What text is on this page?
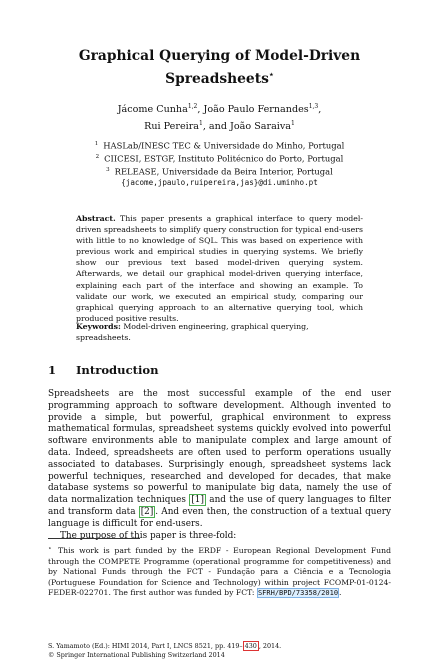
Graphical Querying of Model-Driven
Spreadsheets⋆
Jácome Cunha$^{1,2}$, João Paulo Fernandes$^{1,3}$,
Rui Pereira$^1$, and João Saraiva$^1$
$^1$ HASLab/INESC TEC & Universidade do Minho, Portugal
$^2$ CIICESI, ESTGF, Instituto Politécnico do Porto, Portugal
$^3$ RELEASE, Universidade da Beira Interior, Portugal
{jacome,jpaulo,ruipereira,jas}@di.uminho.pt
Abstract. This paper presents a graphical interface to query model-driven spreadsheets to simplify query construction for typical end-users with little to no knowledge of SQL. This was based on experience with previous work and empirical studies in querying systems. We briefly show our previous text based model-driven querying system. Afterwards, we detail our graphical model-driven querying interface, explaining each part of the interface and showing an example. To validate our work, we executed an empirical study, comparing our graphical querying approach to an alternative querying tool, which produced positive results.
Keywords: Model-driven engineering, graphical querying, spreadsheets.
1 Introduction

Spreadsheets are the most successful example of the end user programming approach to software development. Although invented to provide a simple, but powerful, graphical environment to express mathematical formulas, spreadsheet systems quickly evolved into powerful software environments able to manipulate complex and large amount of data. Indeed, spreadsheets are often used to perform operations usually associated to databases. Surprisingly enough, spreadsheet systems lack powerful techniques, researched and developed for decades, that make database systems so powerful to manipulate big data, namely the use of data normalization techniques [1] and the use of query languages to filter and transform data [2] . And even then, the construction of a textual query language is difficult for end-users.

The purpose of this paper is three-fold:

⋆ This work is part funded by the ERDF - European Regional Development Fund through the COMPETE Programme (operational programme for competitiveness) and by National Funds through the FCT - Fundação para a Ciência e a Tecnologia (Portuguese Foundation for Science and Technology) within project FCOMP-01-0124-FEDER-022701. The first author was funded by FCT: SFRH/BPD/73358/2010.
S. Yamamoto (Ed.): HIMI 2014, Part I, LNCS 8521, pp. 419– 430 , 2014.
© Springer International Publishing Switzerland 2014
